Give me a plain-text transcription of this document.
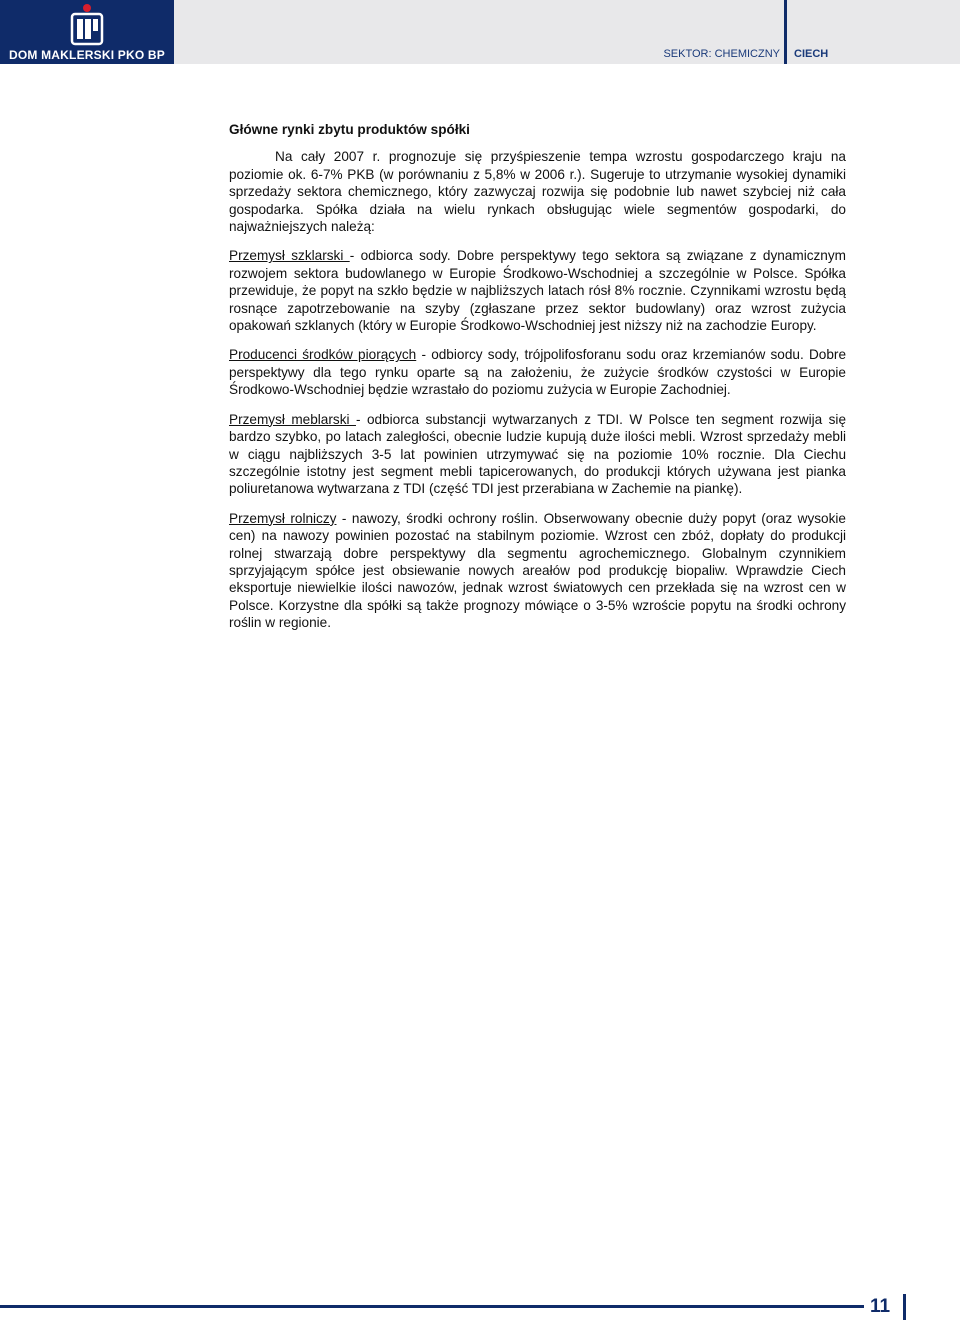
DOM MAKLERSKI PKO BP	SEKTOR: CHEMICZNY CIECH
Główne rynki zbytu produktów spółki

Na cały 2007 r. prognozuje się przyśpieszenie tempa wzrostu gospodarczego kraju na poziomie ok. 6-7% PKB (w porównaniu z 5,8% w 2006 r.). Sugeruje to utrzymanie wysokiej dynamiki sprzedaży sektora chemicznego, który zazwyczaj rozwija się podobnie lub nawet szybciej niż cała gospodarka. Spółka działa na wielu rynkach obsługując wiele segmentów gospodarki, do najważniejszych należą:

Przemysł szklarski - odbiorca sody. Dobre perspektywy tego sektora są związane z dynamicznym rozwojem sektora budowlanego w Europie Środkowo-Wschodniej a szczególnie w Polsce. Spółka przewiduje, że popyt na szkło będzie w najbliższych latach rósł 8% rocznie. Czynnikami wzrostu będą rosnące zapotrzebowanie na szyby (zgłaszane przez sektor budowlany) oraz wzrost zużycia opakowań szklanych (który w Europie Środkowo-Wschodniej jest niższy niż na zachodzie Europy.

Producenci środków piorących - odbiorcy sody, trójpolifosforanu sodu oraz krzemianów sodu. Dobre perspektywy dla tego rynku oparte są na założeniu, że zużycie środków czystości w Europie Środkowo-Wschodniej będzie wzrastało do poziomu zużycia w Europie Zachodniej.

Przemysł meblarski - odbiorca substancji wytwarzanych z TDI. W Polsce ten segment rozwija się bardzo szybko, po latach zaległości, obecnie ludzie kupują duże ilości mebli. Wzrost sprzedaży mebli w ciągu najbliższych 3-5 lat powinien utrzymywać się na poziomie 10% rocznie. Dla Ciechu szczególnie istotny jest segment mebli tapicerowanych, do produkcji których używana jest pianka poliuretanowa wytwarzana z TDI (część TDI jest przerabiana w Zachemie na piankę).

Przemysł rolniczy - nawozy, środki ochrony roślin. Obserwowany obecnie duży popyt (oraz wysokie cen) na nawozy powinien pozostać na stabilnym poziomie. Wzrost cen zbóż, dopłaty do produkcji rolnej stwarzają dobre perspektywy dla segmentu agrochemicznego. Globalnym czynnikiem sprzyjającym spółce jest obsiewanie nowych areałów pod produkcję biopaliw. Wprawdzie Ciech eksportuje niewielkie ilości nawozów, jednak wzrost światowych cen przekłada się na wzrost cen w Polsce. Korzystne dla spółki są także prognozy mówiące o 3-5% wzroście popytu na środki ochrony roślin w regionie.

11
